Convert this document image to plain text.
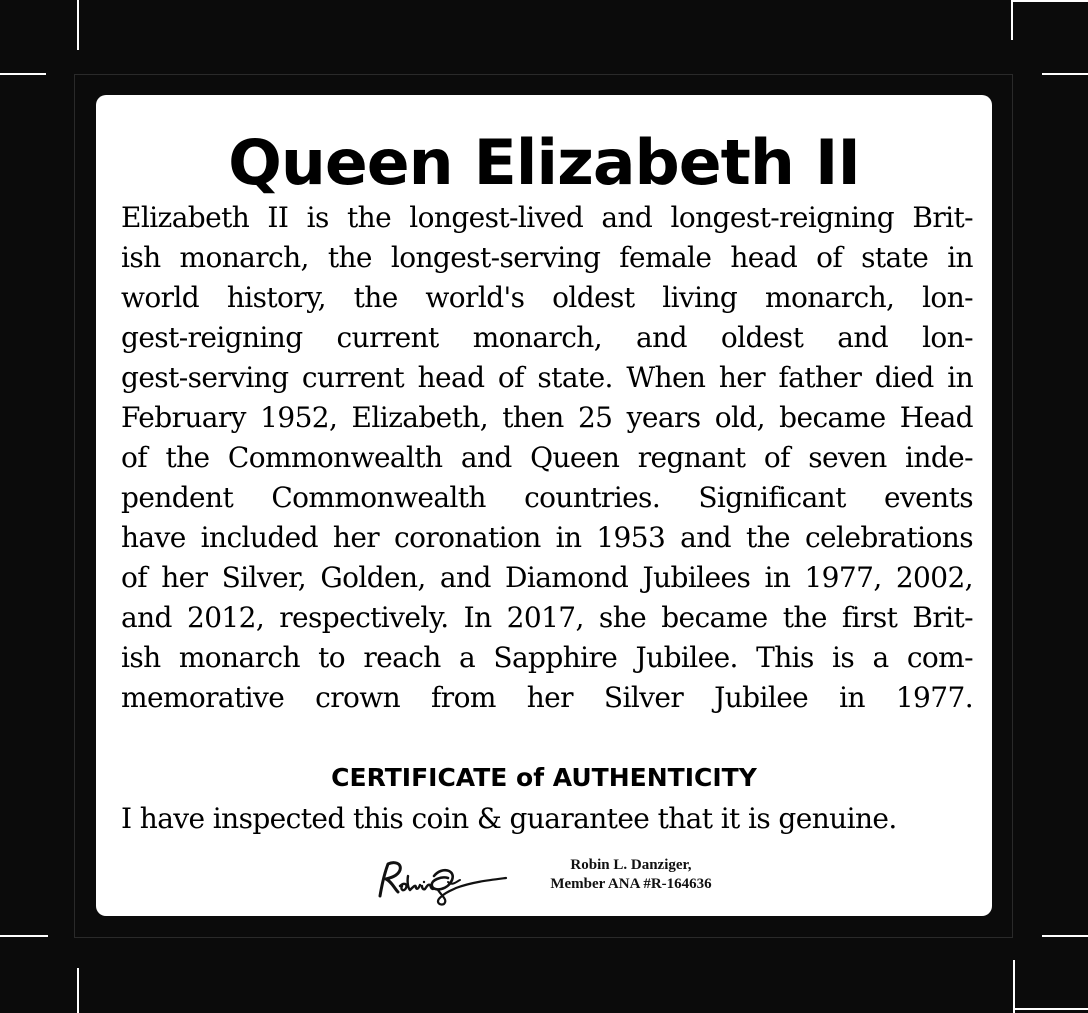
Queen Elizabeth II
Elizabeth II is the longest-lived and longest-reigning Brit-
ish monarch, the longest-serving female head of state in
world history, the world's oldest living monarch, lon-
gest-reigning current monarch, and oldest and lon-
gest-serving current head of state. When her father died in
February 1952, Elizabeth, then 25 years old, became Head
of the Commonwealth and Queen regnant of seven inde-
pendent Commonwealth countries. Significant events
have included her coronation in 1953 and the celebrations
of her Silver, Golden, and Diamond Jubilees in 1977, 2002,
and 2012, respectively. In 2017, she became the first Brit-
ish monarch to reach a Sapphire Jubilee. This is a com-
memorative crown from her Silver Jubilee in 1977.
CERTIFICATE of AUTHENTICITY

I have inspected this coin & guarantee that it is genuine.

Robin L. Danziger,
Member ANA #R-164636
